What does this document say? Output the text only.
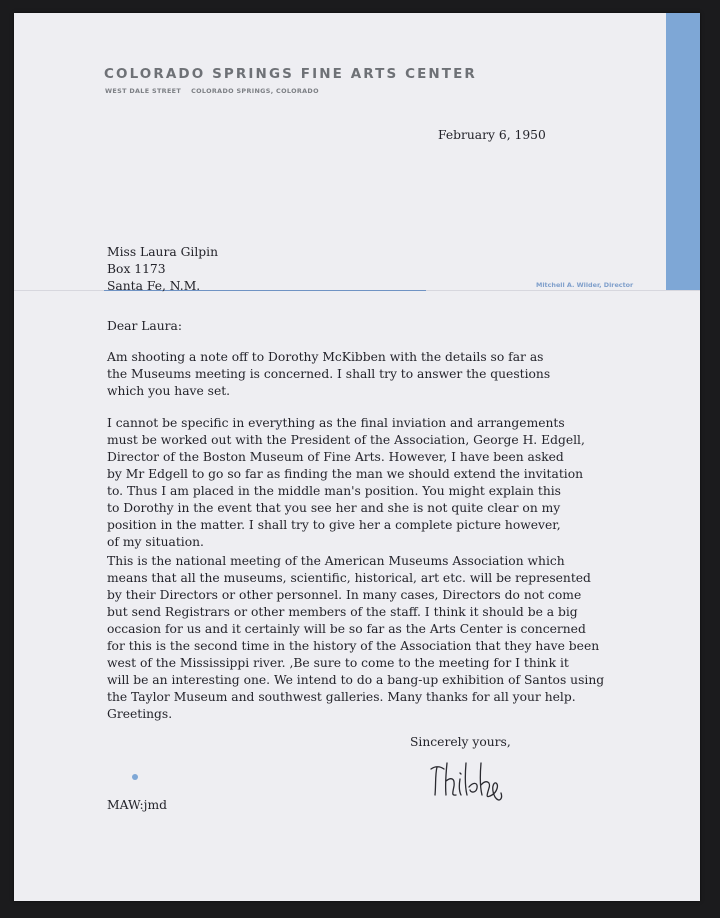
COLORADO SPRINGS FINE ARTS CENTER
WEST DALE STREET COLORADO SPRINGS, COLORADO
Mitchell A. Wilder, Director
February 6, 1950
Miss Laura Gilpin
Box 1173
Santa Fe, N.M.
Dear Laura:
Am shooting a note off to Dorothy McKibben with the details so far as
the Museums meeting is concerned. I shall try to answer the questions
which you have set.
I cannot be specific in everything as the final inviation and arrangements
must be worked out with the President of the Association, George H. Edgell,
Director of the Boston Museum of Fine Arts. However, I have been asked
by Mr Edgell to go so far as finding the man we should extend the invitation
to. Thus I am placed in the middle man's position. You might explain this
to Dorothy in the event that you see her and she is not quite clear on my
position in the matter. I shall try to give her a complete picture however,
of my situation.
This is the national meeting of the American Museums Association which
means that all the museums, scientific, historical, art etc. will be represented
by their Directors or other personnel. In many cases, Directors do not come
but send Registrars or other members of the staff. I think it should be a big
occasion for us and it certainly will be so far as the Arts Center is concerned
for this is the second time in the history of the Association that they have been
west of the Mississippi river. ,Be sure to come to the meeting for I think it
will be an interesting one. We intend to do a bang-up exhibition of Santos using
the Taylor Museum and southwest galleries. Many thanks for all your help.
Greetings.
Sincerely yours,
MAW:jmd
